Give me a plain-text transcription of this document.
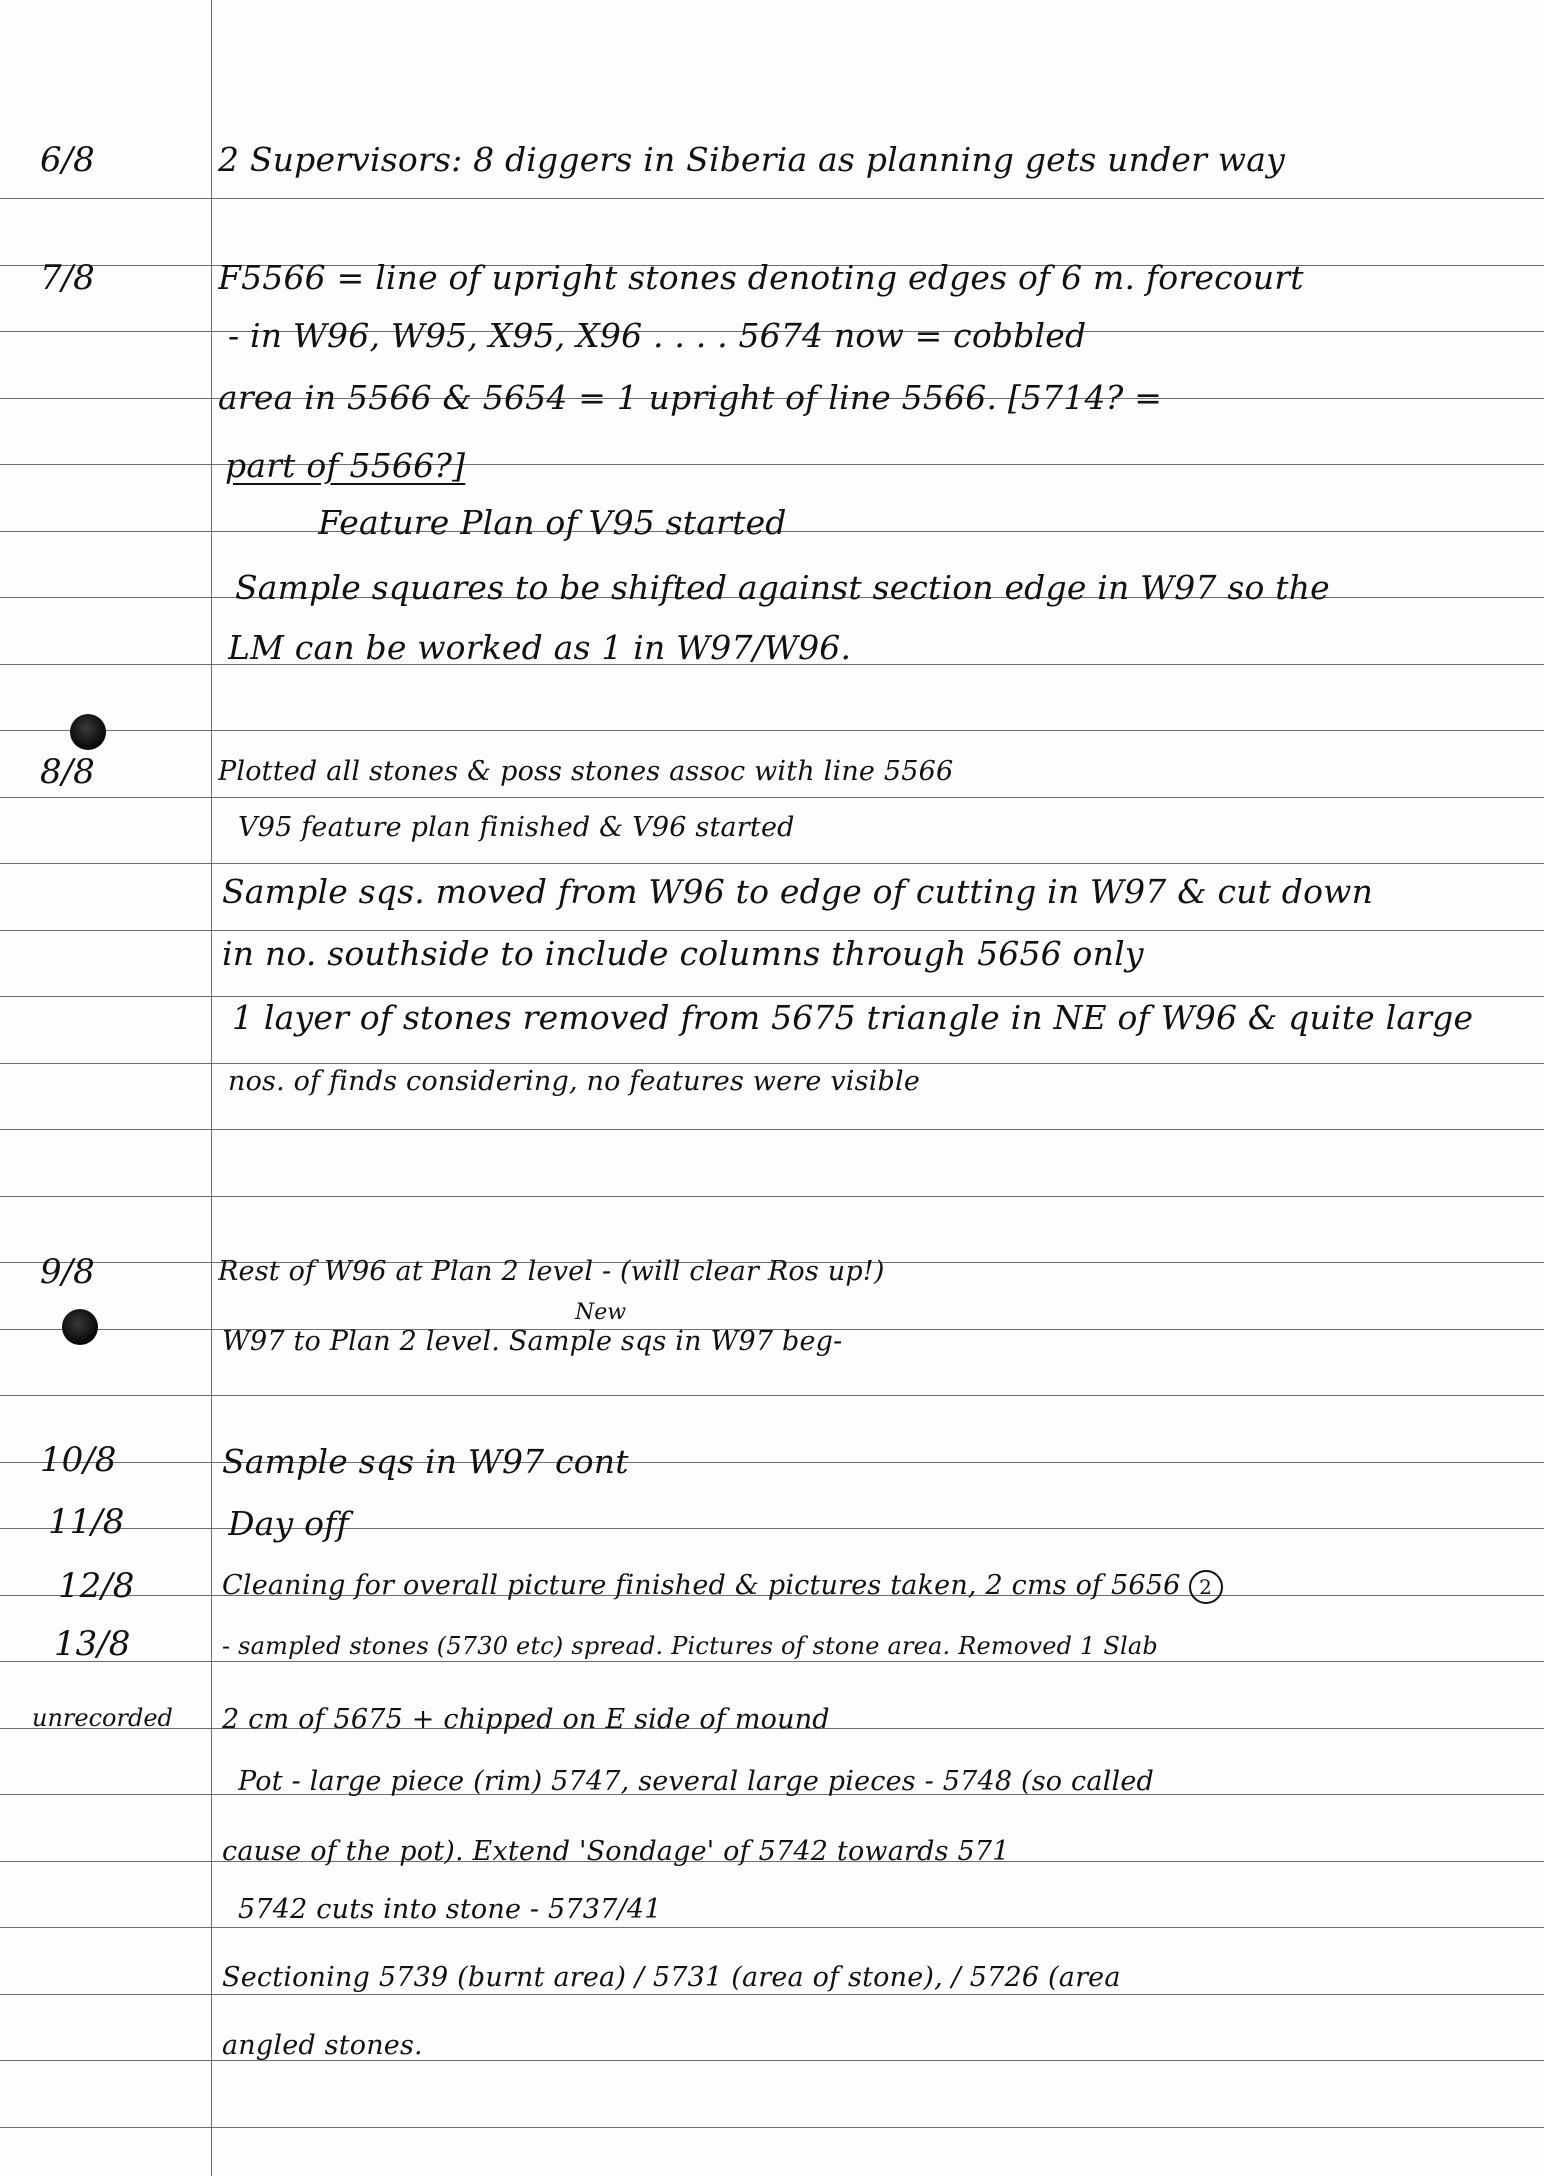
6/8	2 Supervisors: 8 diggers in Siberia as planning gets under way
7/8	F5566 = line of upright stones denoting edges of 6 m. forecourt
- in W96, W95, X95, X96 . . . . 5674 now = cobbled
area in 5566 & 5654 = 1 upright of line 5566. [5714? =
part of 5566?]
Feature Plan of V95 started
Sample squares to be shifted against section edge in W97 so the
LM can be worked as 1 in W97/W96.
8/8	Plotted all stones & poss stones assoc with line 5566
V95 feature plan finished & V96 started
Sample sqs. moved from W96 to edge of cutting in W97 & cut down
in no. southside to include columns through 5656 only
1 layer of stones removed from 5675 triangle in NE of W96 & quite large
nos. of finds considering, no features were visible
9/8	Rest of W96 at Plan 2 level - (will clear Ros up!)
New
W97 to Plan 2 level. Sample sqs in W97 beg-
10/8	Sample sqs in W97 cont
11/8	Day off
12/8	Cleaning for overall picture finished & pictures taken, 2 cms of 5656 2
13/8	- sampled stones (5730 etc) spread. Pictures of stone area. Removed 1 Slab
unrecorded	2 cm of 5675 + chipped on E side of mound
Pot - large piece (rim) 5747, several large pieces - 5748 (so called
cause of the pot). Extend 'Sondage' of 5742 towards 571
5742 cuts into stone - 5737/41
Sectioning 5739 (burnt area) / 5731 (area of stone), / 5726 (area
angled stones.
